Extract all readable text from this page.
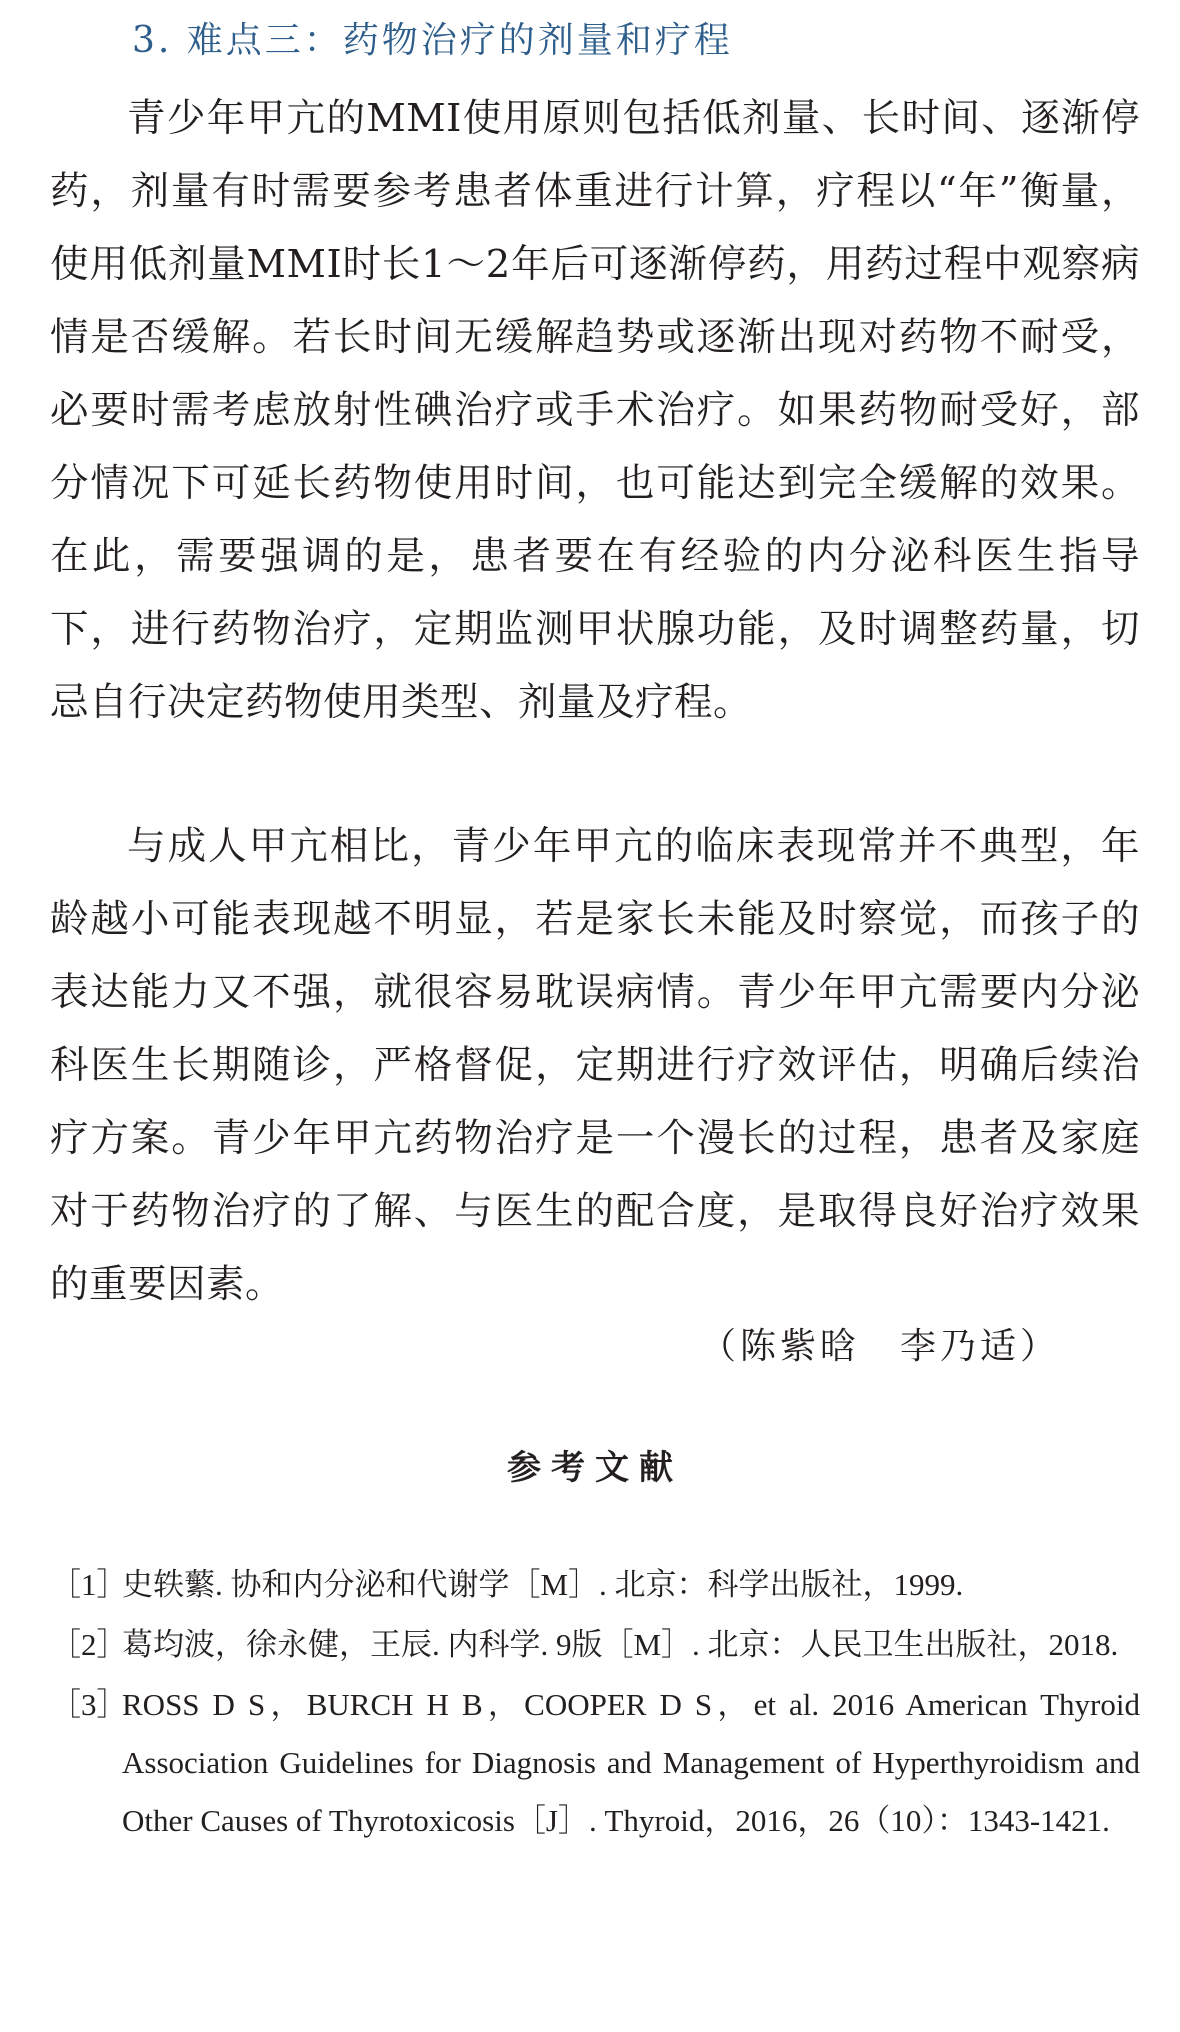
3. 难点三：药物治疗的剂量和疗程

青少年甲亢的MMI使用原则包括低剂量、长时间、逐渐停药，剂量有时需要参考患者体重进行计算，疗程以“年”衡量，使用低剂量MMI时长1～2年后可逐渐停药，用药过程中观察病情是否缓解。若长时间无缓解趋势或逐渐出现对药物不耐受，必要时需考虑放射性碘治疗或手术治疗。如果药物耐受好，部分情况下可延长药物使用时间，也可能达到完全缓解的效果。在此，需要强调的是，患者要在有经验的内分泌科医生指导下，进行药物治疗，定期监测甲状腺功能，及时调整药量，切忌自行决定药物使用类型、剂量及疗程。

与成人甲亢相比，青少年甲亢的临床表现常并不典型，年龄越小可能表现越不明显，若是家长未能及时察觉，而孩子的表达能力又不强，就很容易耽误病情。青少年甲亢需要内分泌科医生长期随诊，严格督促，定期进行疗效评估，明确后续治疗方案。青少年甲亢药物治疗是一个漫长的过程，患者及家庭对于药物治疗的了解、与医生的配合度，是取得良好治疗效果的重要因素。

（陈紫晗　李乃适）
参考文献
［1］
史轶蘩. 协和内分泌和代谢学［M］. 北京：科学出版社，1999.
［2］
葛均波，徐永健，王辰. 内科学. 9版［M］. 北京：人民卫生出版社，2018.
［3］
ROSS D S，BURCH H B，COOPER D S，et al. 2016 American Thyroid Association Guidelines for Diagnosis and Management of Hyperthyroidism and Other Causes of Thyrotoxicosis［J］. Thyroid，2016，26（10）：1343-1421.
